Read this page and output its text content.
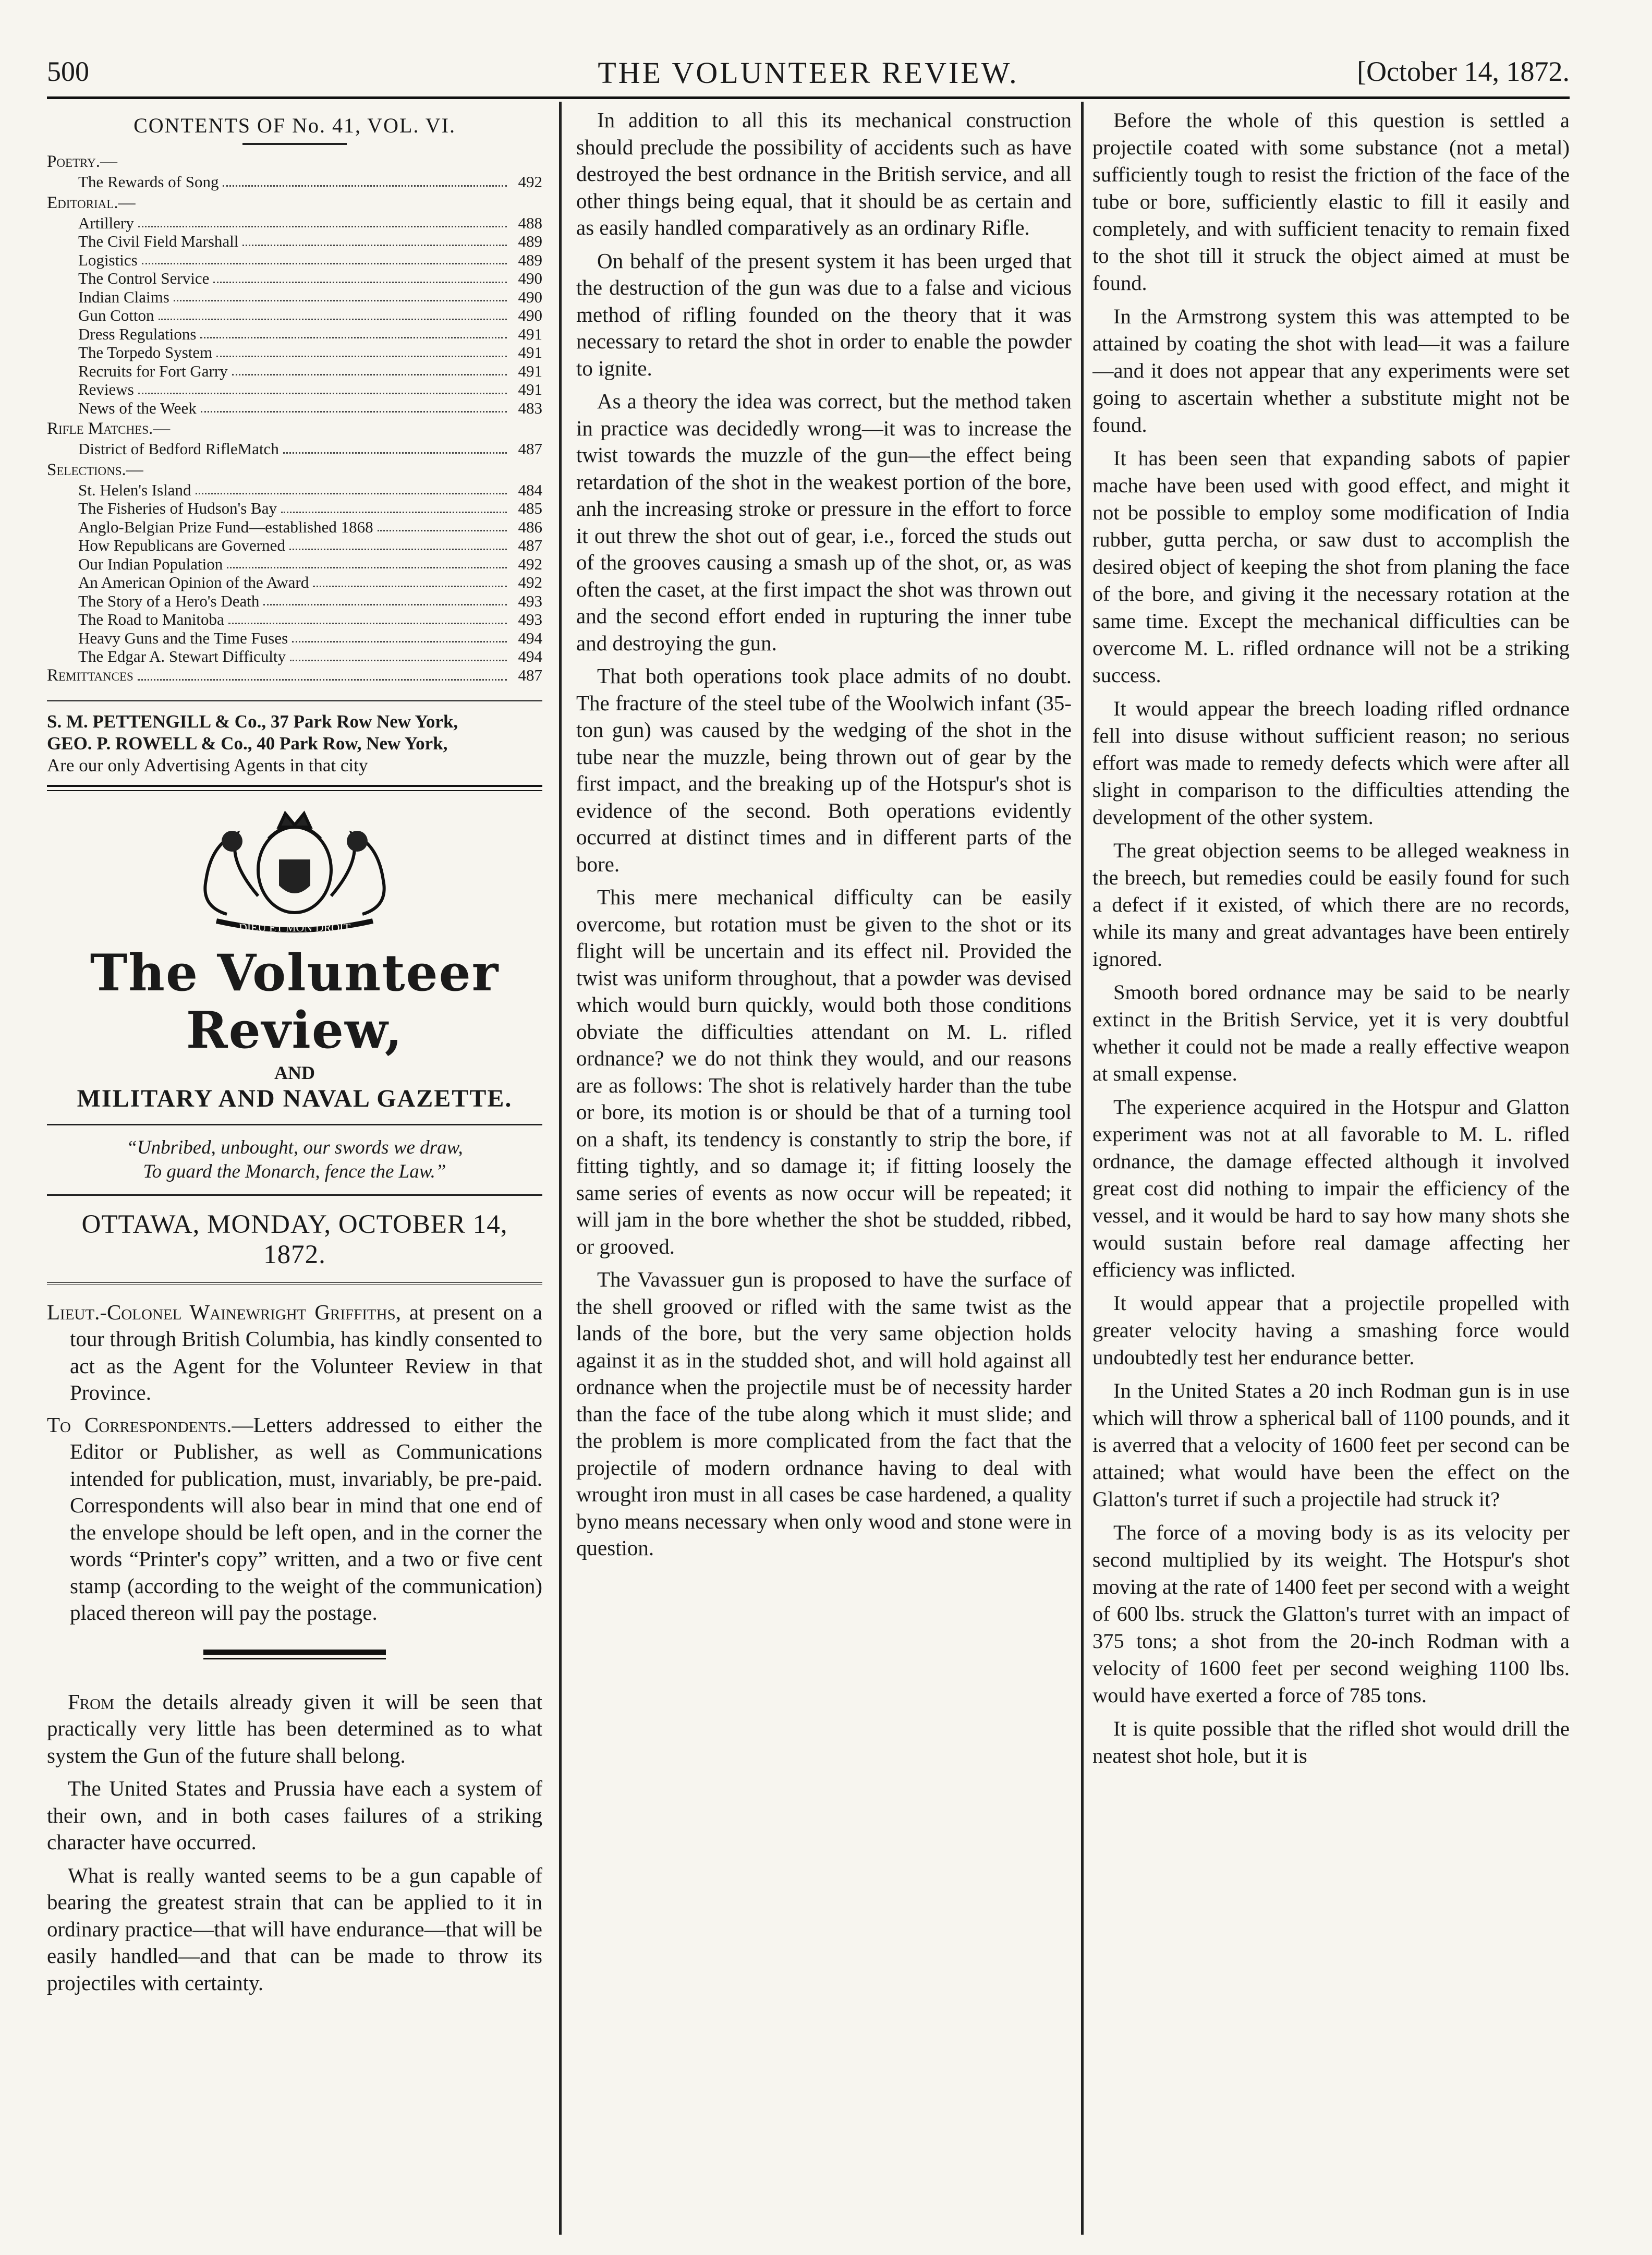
500	THE VOLUNTEER REVIEW.	[October 14, 1872.
CONTENTS OF No. 41, VOL. VI.
Poetry.—
The Rewards of Song	492
Editorial.—
Artillery	488
The Civil Field Marshall	489
Logistics	489
The Control Service	490
Indian Claims	490
Gun Cotton	490
Dress Regulations	491
The Torpedo System	491
Recruits for Fort Garry	491
Reviews	491
News of the Week	483
Rifle Matches.—
District of Bedford RifleMatch	487
Selections.—
St. Helen's Island	484
The Fisheries of Hudson's Bay	485
Anglo-Belgian Prize Fund—established 1868	486
How Republicans are Governed	487
Our Indian Population	492
An American Opinion of the Award	492
The Story of a Hero's Death	493
The Road to Manitoba	493
Heavy Guns and the Time Fuses	494
The Edgar A. Stewart Difficulty	494
Remittances	487
S. M. PETTENGILL & Co., 37 Park Row New York,
GEO. P. ROWELL & Co., 40 Park Row, New York,
Are our only Advertising Agents in that city
DIEU ET MON DROIT
The Volunteer Review,
AND
MILITARY AND NAVAL GAZETTE.
“Unbribed, unbought, our swords we draw,
To guard the Monarch, fence the Law.”
OTTAWA, MONDAY, OCTOBER 14, 1872.
Lieut.-Colonel Wainewright Griffiths, at present on a tour through British Columbia, has kindly consented to act as the Agent for the Volunteer Review in that Province.
To Correspondents.—Letters addressed to either the Editor or Publisher, as well as Communications intended for publication, must, invariably, be pre-paid. Correspondents will also bear in mind that one end of the envelope should be left open, and in the corner the words “Printer's copy” written, and a two or five cent stamp (according to the weight of the communication) placed thereon will pay the postage.

From the details already given it will be seen that practically very little has been determined as to what system the Gun of the future shall belong.

The United States and Prussia have each a system of their own, and in both cases failures of a striking character have occurred.

What is really wanted seems to be a gun capable of bearing the greatest strain that can be applied to it in ordinary practice—that will have endurance—that will be easily handled—and that can be made to throw its projectiles with certainty.

In addition to all this its mechanical construction should preclude the possibility of accidents such as have destroyed the best ordnance in the British service, and all other things being equal, that it should be as certain and as easily handled comparatively as an ordinary Rifle.

On behalf of the present system it has been urged that the destruction of the gun was due to a false and vicious method of rifling founded on the theory that it was necessary to retard the shot in order to enable the powder to ignite.

As a theory the idea was correct, but the method taken in practice was decidedly wrong—it was to increase the twist towards the muzzle of the gun—the effect being retardation of the shot in the weakest portion of the bore, anh the increasing stroke or pressure in the effort to force it out threw the shot out of gear, i.e., forced the studs out of the grooves causing a smash up of the shot, or, as was often the caset, at the first impact the shot was thrown out and the second effort ended in rupturing the inner tube and destroying the gun.

That both operations took place admits of no doubt. The fracture of the steel tube of the Woolwich infant (35-ton gun) was caused by the wedging of the shot in the tube near the muzzle, being thrown out of gear by the first impact, and the breaking up of the Hotspur's shot is evidence of the second. Both operations evidently occurred at distinct times and in different parts of the bore.

This mere mechanical difficulty can be easily overcome, but rotation must be given to the shot or its flight will be uncertain and its effect nil. Provided the twist was uniform throughout, that a powder was devised which would burn quickly, would both those conditions obviate the difficulties attendant on M. L. rifled ordnance? we do not think they would, and our reasons are as follows: The shot is relatively harder than the tube or bore, its motion is or should be that of a turning tool on a shaft, its tendency is constantly to strip the bore, if fitting tightly, and so damage it; if fitting loosely the same series of events as now occur will be repeated; it will jam in the bore whether the shot be studded, ribbed, or grooved.

The Vavassuer gun is proposed to have the surface of the shell grooved or rifled with the same twist as the lands of the bore, but the very same objection holds against it as in the studded shot, and will hold against all ordnance when the projectile must be of necessity harder than the face of the tube along which it must slide; and the problem is more complicated from the fact that the projectile of modern ordnance having to deal with wrought iron must in all cases be case hardened, a quality byno means necessary when only wood and stone were in question.

Before the whole of this question is settled a projectile coated with some substance (not a metal) sufficiently tough to resist the friction of the face of the tube or bore, sufficiently elastic to fill it easily and completely, and with sufficient tenacity to remain fixed to the shot till it struck the object aimed at must be found.

In the Armstrong system this was attempted to be attained by coating the shot with lead—it was a failure—and it does not appear that any experiments were set going to ascertain whether a substitute might not be found.

It has been seen that expanding sabots of papier mache have been used with good effect, and might it not be possible to employ some modification of India rubber, gutta percha, or saw dust to accomplish the desired object of keeping the shot from planing the face of the bore, and giving it the necessary rotation at the same time. Except the mechanical difficulties can be overcome M. L. rifled ordnance will not be a striking success.

It would appear the breech loading rifled ordnance fell into disuse without sufficient reason; no serious effort was made to remedy defects which were after all slight in comparison to the difficulties attending the development of the other system.

The great objection seems to be alleged weakness in the breech, but remedies could be easily found for such a defect if it existed, of which there are no records, while its many and great advantages have been entirely ignored.

Smooth bored ordnance may be said to be nearly extinct in the British Service, yet it is very doubtful whether it could not be made a really effective weapon at small expense.

The experience acquired in the Hotspur and Glatton experiment was not at all favorable to M. L. rifled ordnance, the damage effected although it involved great cost did nothing to impair the efficiency of the vessel, and it would be hard to say how many shots she would sustain before real damage affecting her efficiency was inflicted.

It would appear that a projectile propelled with greater velocity having a smashing force would undoubtedly test her endurance better.

In the United States a 20 inch Rodman gun is in use which will throw a spherical ball of 1100 pounds, and it is averred that a velocity of 1600 feet per second can be attained; what would have been the effect on the Glatton's turret if such a projectile had struck it?

The force of a moving body is as its velocity per second multiplied by its weight. The Hotspur's shot moving at the rate of 1400 feet per second with a weight of 600 lbs. struck the Glatton's turret with an impact of 375 tons; a shot from the 20-inch Rodman with a velocity of 1600 feet per second weighing 1100 lbs. would have exerted a force of 785 tons.

It is quite possible that the rifled shot would drill the neatest shot hole, but it is
